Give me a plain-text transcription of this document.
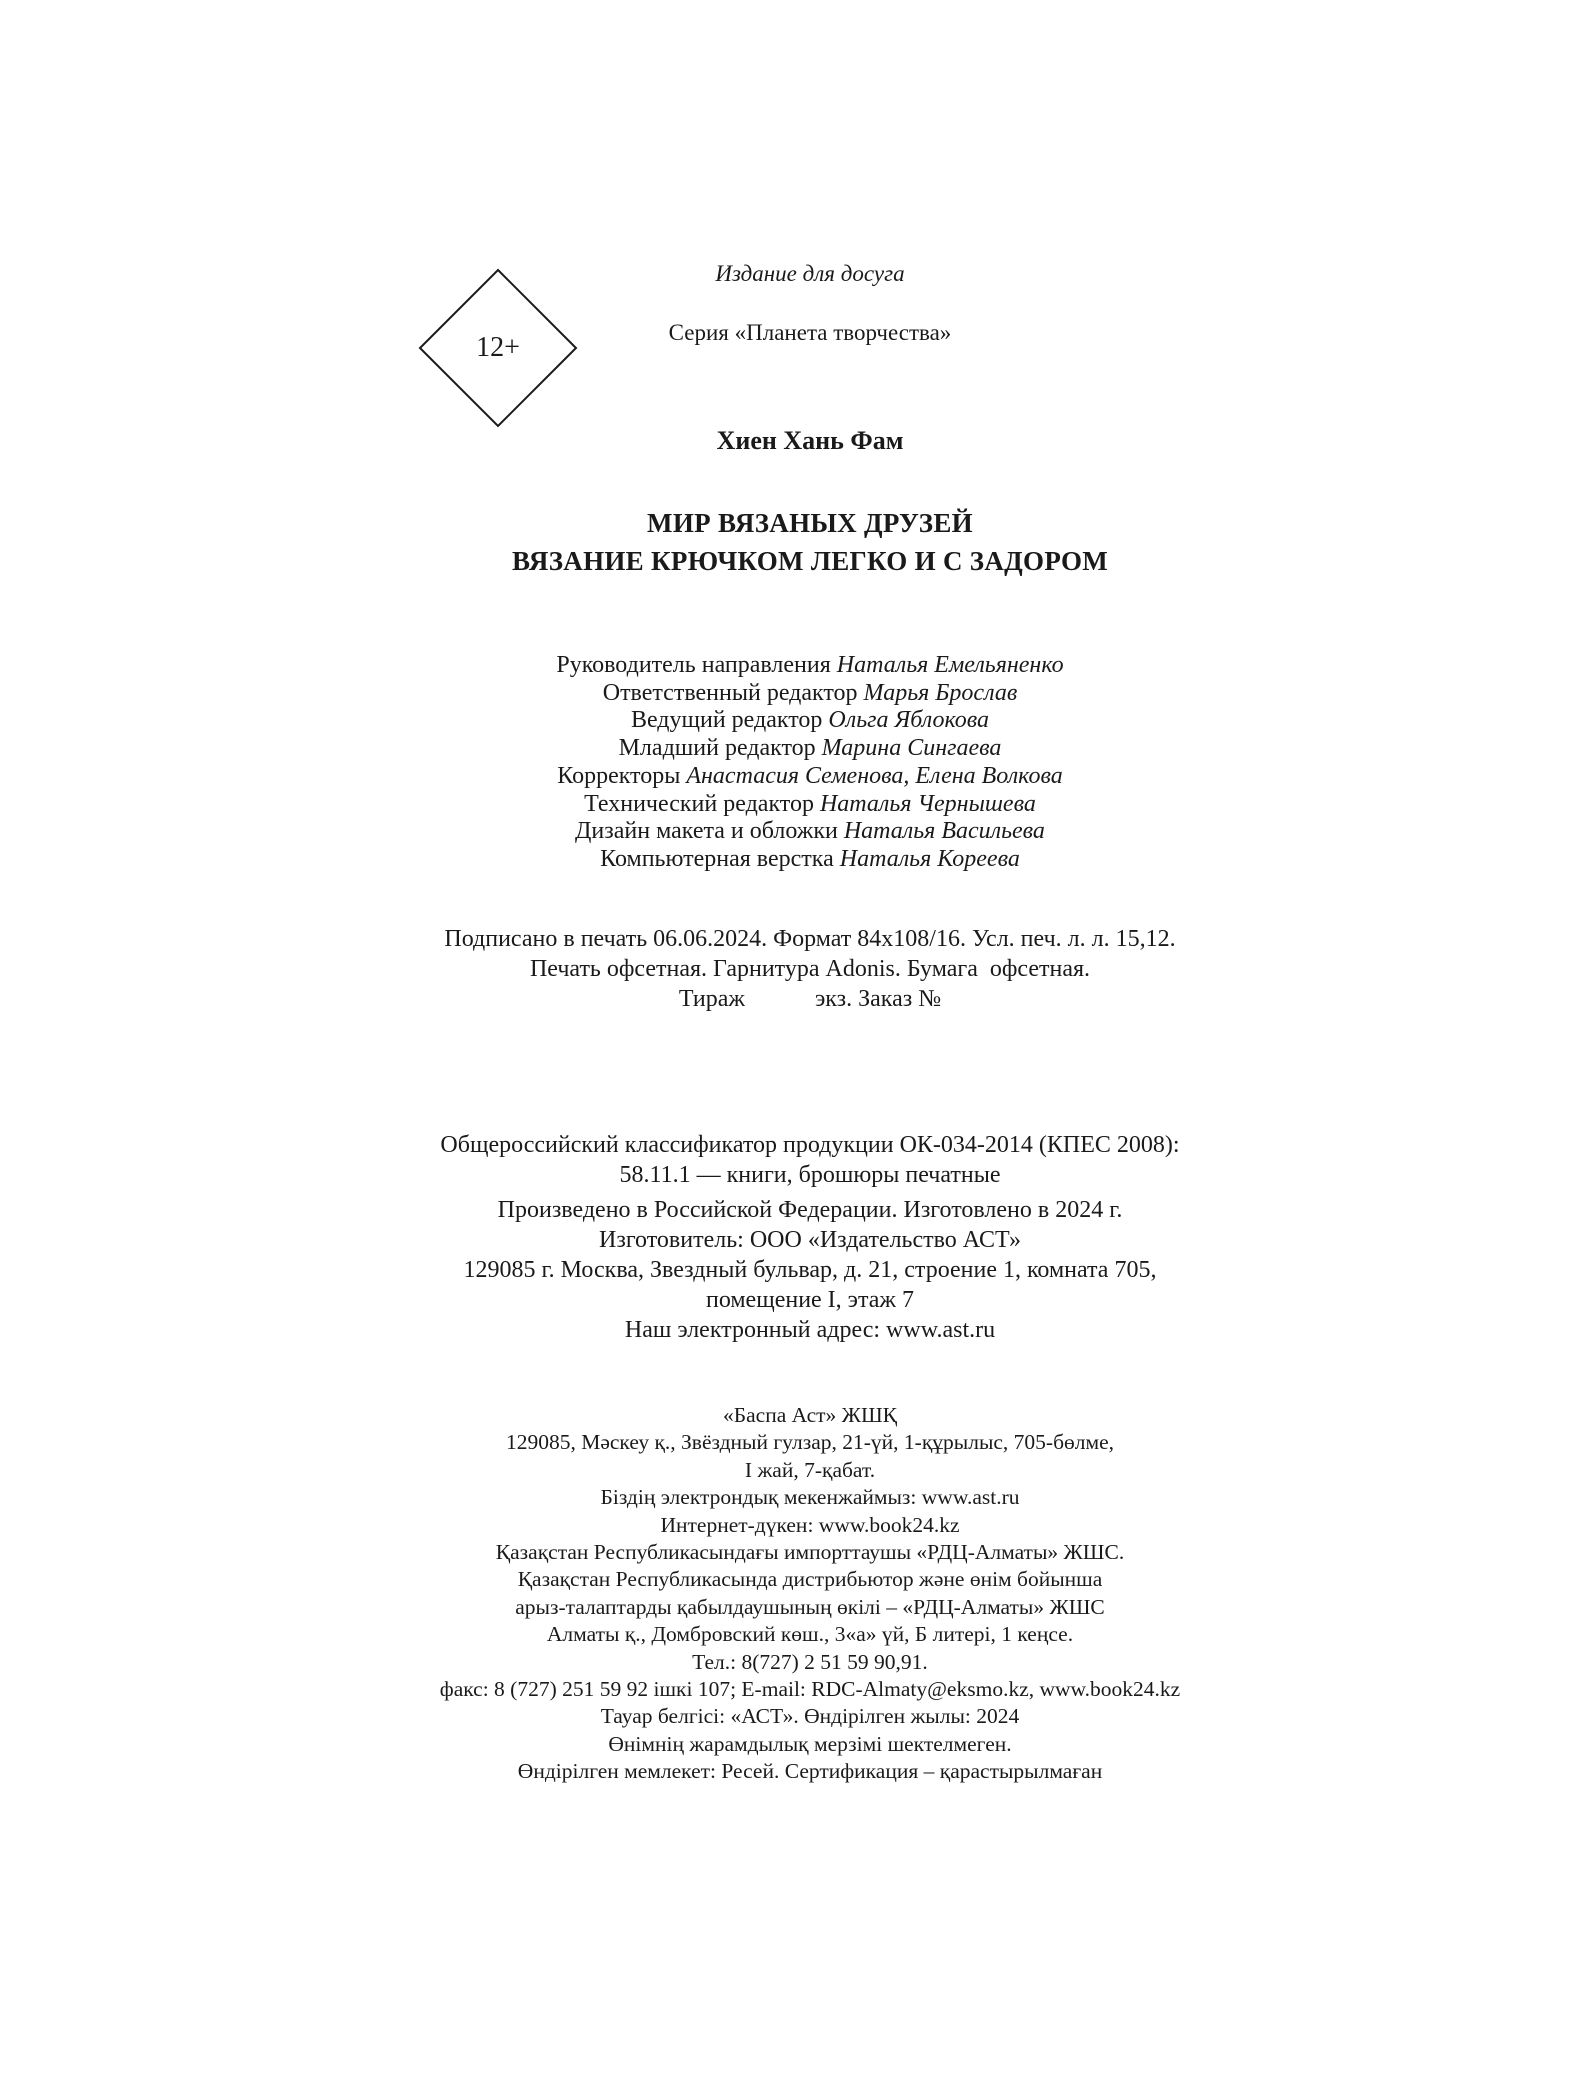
12+
Издание для досуга
Серия «Планета творчества»
Хиен Хань Фам
МИР ВЯЗАНЫХ ДРУЗЕЙ
ВЯЗАНИЕ КРЮЧКОМ ЛЕГКО И С ЗАДОРОМ
Руководитель направления Наталья Емельяненко
Ответственный редактор Марья Брослав
Ведущий редактор Ольга Яблокова
Младший редактор Марина Сингаева
Корректоры Анастасия Семенова, Елена Волкова
Технический редактор Наталья Чернышева
Дизайн макета и обложки Наталья Васильева
Компьютерная верстка Наталья Кореева
Подписано в печать 06.06.2024. Формат 84x108/16. Усл. печ. л. л. 15,12.
Печать офсетная. Гарнитура Adonis. Бумага  офсетная.
Тираж	экз. Заказ №
Общероссийский классификатор продукции ОК-034-2014 (КПЕС 2008):
58.11.1 — книги, брошюры печатные
Произведено в Российской Федерации. Изготовлено в 2024 г.
Изготовитель: ООО «Издательство АСТ»
129085 г. Москва, Звездный бульвар, д. 21, строение 1, комната 705,
помещение I, этаж 7
Наш электронный адрес: www.ast.ru
«Баспа Аст» ЖШҚ
129085, Мәскеу қ., Звёздный гулзар, 21-үй, 1-құрылыс, 705-бөлме,
I жай, 7-қабат.
Біздің электрондық мекенжаймыз: www.ast.ru
Интернет-дүкен: www.book24.kz
Қазақстан Республикасындағы импорттаушы «РДЦ-Алматы» ЖШС.
Қазақстан Республикасында дистрибьютор және өнім бойынша
арыз-талаптарды қабылдаушының өкілі – «РДЦ-Алматы» ЖШС
Алматы қ., Домбровский көш., 3«а» үй, Б литері, 1 кеңсе.
Тел.: 8(727) 2 51 59 90,91.
факс: 8 (727) 251 59 92 ішкі 107; E-mail: RDC-Almaty@eksmo.kz, www.book24.kz
Тауар белгісі: «АСТ». Өндірілген жылы: 2024
Өнімнің жарамдылық мерзімі шектелмеген.
Өндірілген мемлекет: Ресей. Сертификация – қарастырылмаған
